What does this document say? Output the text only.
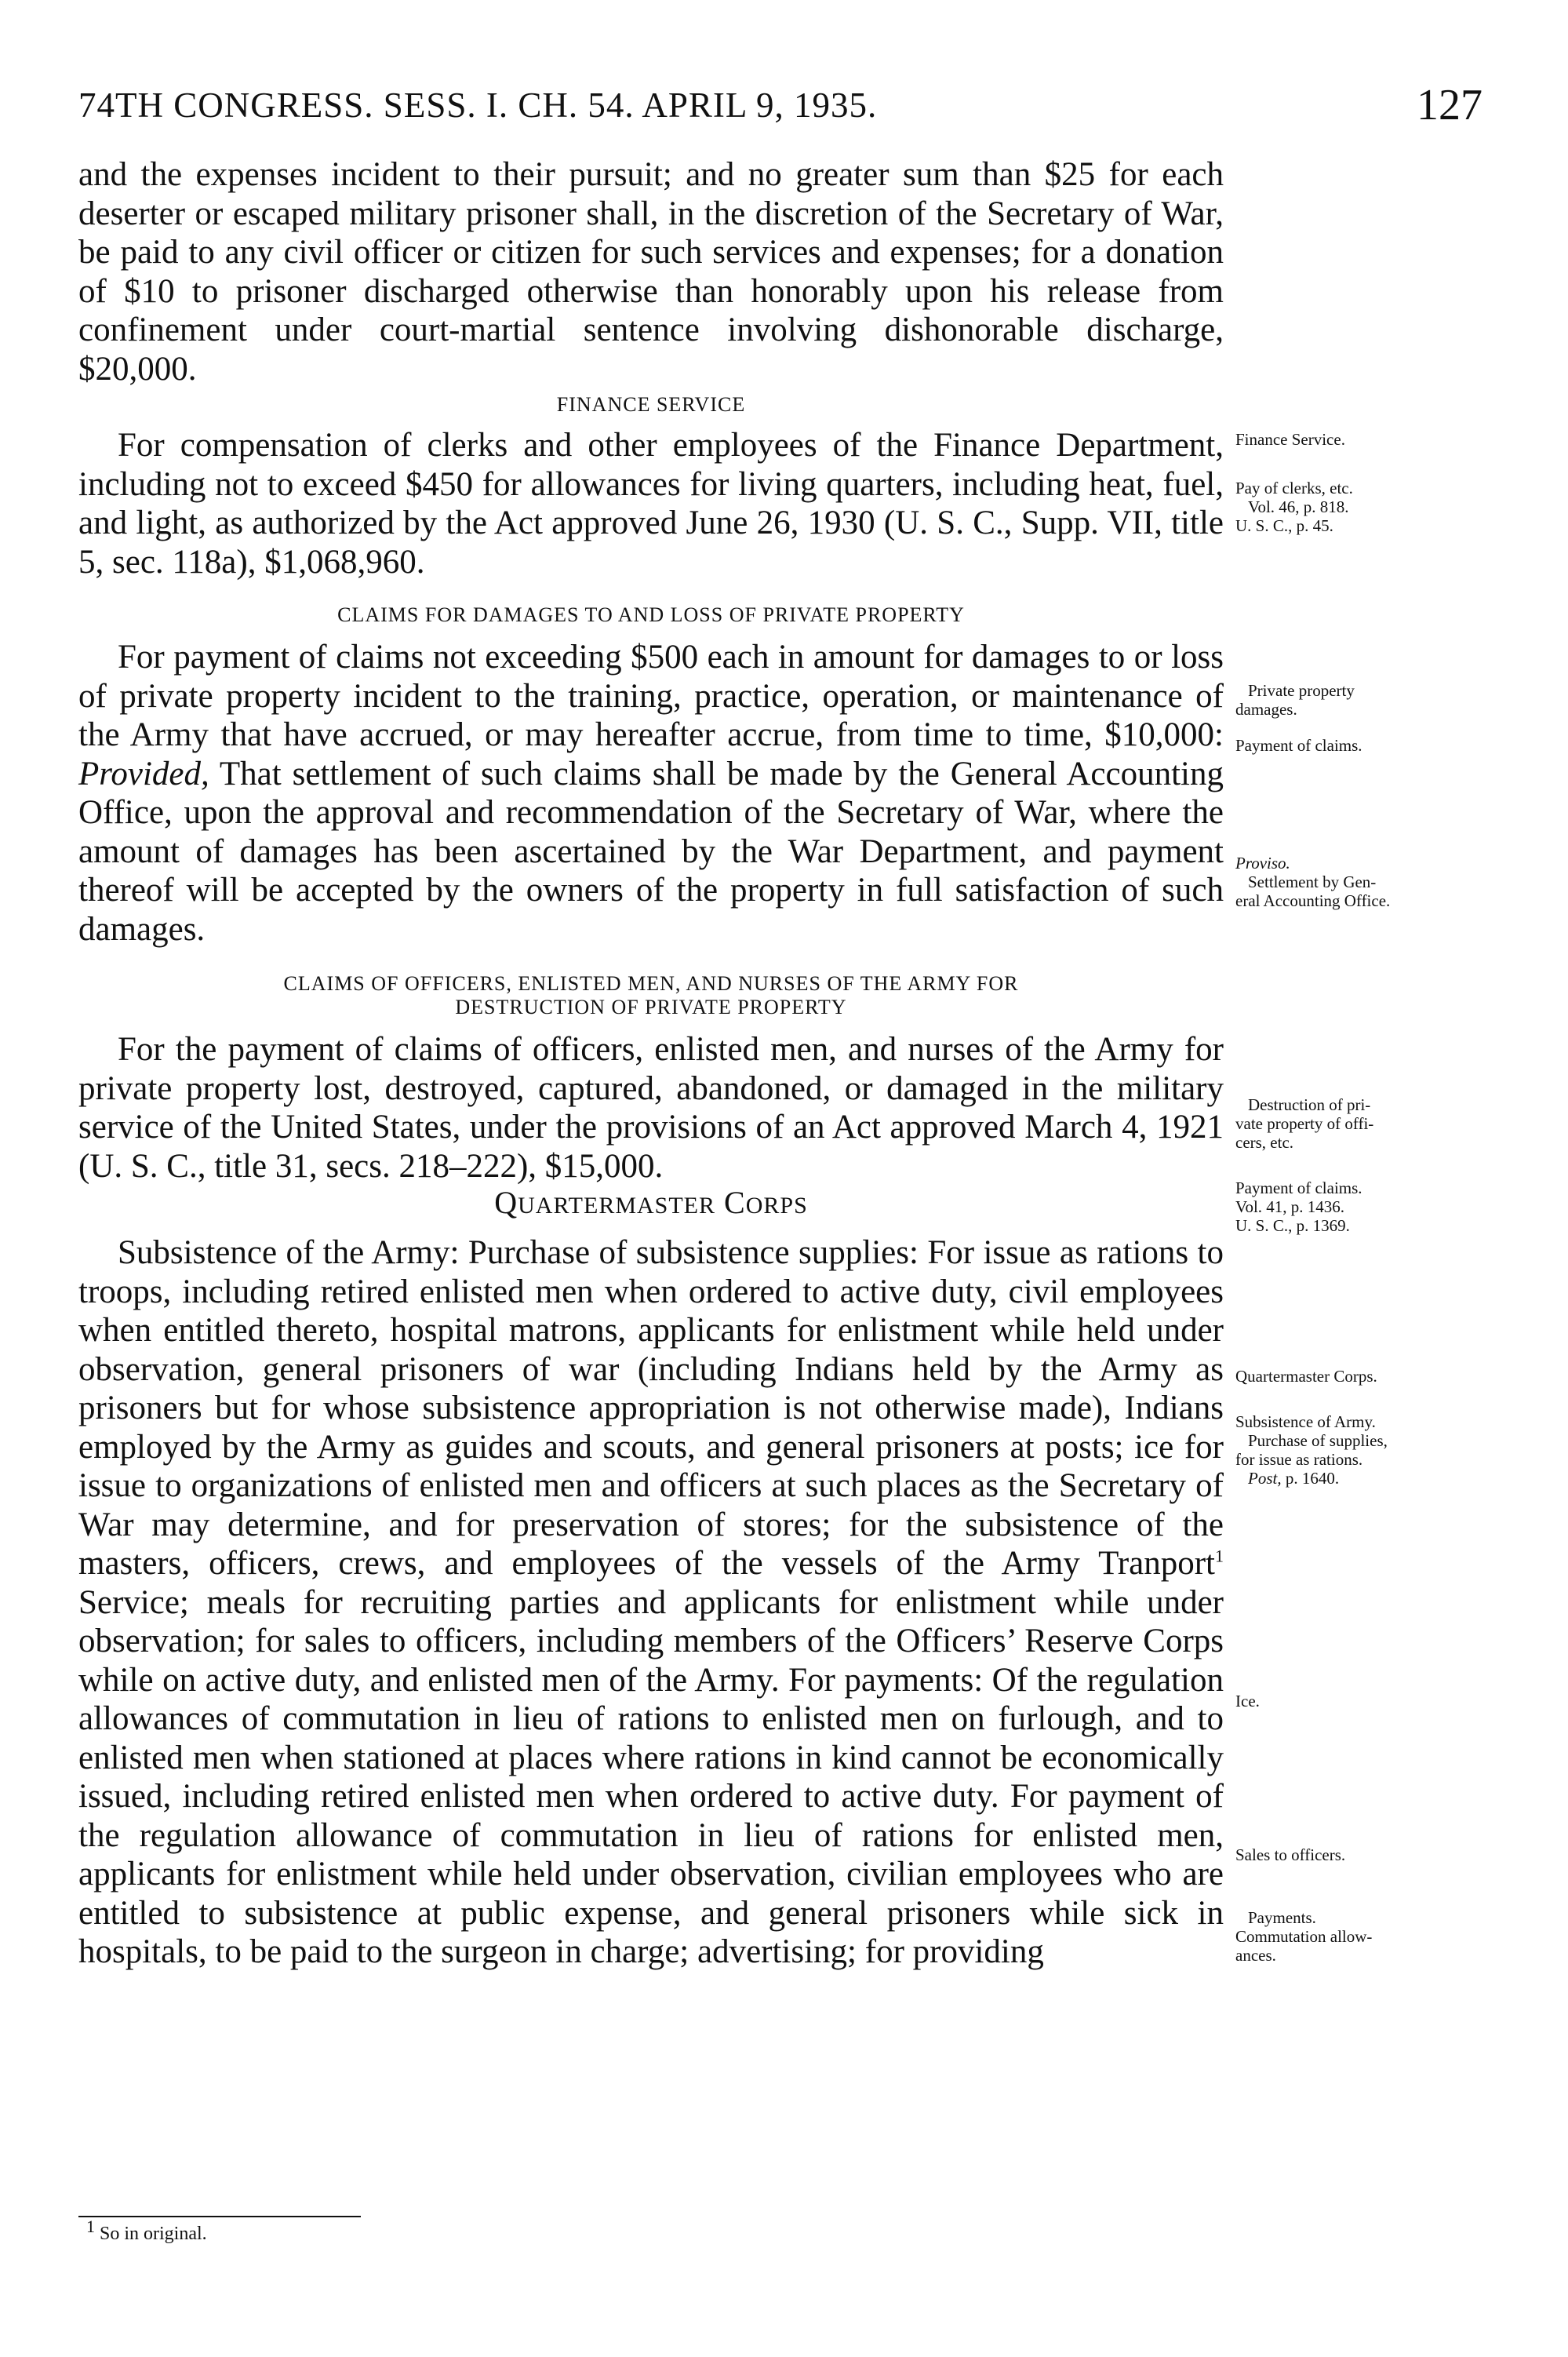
74TH CONGRESS. SESS. I. CH. 54. APRIL 9, 1935.	127

and the expenses incident to their pursuit; and no greater sum than $25 for each deserter or escaped military prisoner shall, in the discretion of the Secretary of War, be paid to any civil officer or citizen for such services and expenses; for a donation of $10 to prisoner discharged otherwise than honorably upon his release from confinement under court-martial sentence involving dishonorable discharge, $20,000.

FINANCE SERVICE

For compensation of clerks and other employees of the Finance Department, including not to exceed $450 for allowances for living quarters, including heat, fuel, and light, as authorized by the Act approved June 26, 1930 (U. S. C., Supp. VII, title 5, sec. 118a), $1,068,960.

CLAIMS FOR DAMAGES TO AND LOSS OF PRIVATE PROPERTY

For payment of claims not exceeding $500 each in amount for damages to or loss of private property incident to the training, practice, operation, or maintenance of the Army that have accrued, or may hereafter accrue, from time to time, $10,000: Provided, That settlement of such claims shall be made by the General Accounting Office, upon the approval and recommendation of the Secretary of War, where the amount of damages has been ascertained by the War Department, and payment thereof will be accepted by the owners of the property in full satisfaction of such damages.

CLAIMS OF OFFICERS, ENLISTED MEN, AND NURSES OF THE ARMY FOR

DESTRUCTION OF PRIVATE PROPERTY

For the payment of claims of officers, enlisted men, and nurses of the Army for private property lost, destroyed, captured, abandoned, or damaged in the military service of the United States, under the provisions of an Act approved March 4, 1921 (U. S. C., title 31, secs. 218–222), $15,000.

QUARTERMASTER CORPS

Subsistence of the Army: Purchase of subsistence supplies: For issue as rations to troops, including retired enlisted men when ordered to active duty, civil employees when entitled thereto, hospital matrons, applicants for enlistment while held under observation, general prisoners of war (including Indians held by the Army as prisoners but for whose subsistence appropriation is not otherwise made), Indians employed by the Army as guides and scouts, and general prisoners at posts; ice for issue to organizations of enlisted men and officers at such places as the Secretary of War may determine, and for preservation of stores; for the subsistence of the masters, officers, crews, and employees of the vessels of the Army Tranport$^1$ Service; meals for recruiting parties and applicants for enlistment while under observation; for sales to officers, including members of the Officers’ Reserve Corps while on active duty, and enlisted men of the Army. For payments: Of the regulation allowances of commutation in lieu of rations to enlisted men on furlough, and to enlisted men when stationed at places where rations in kind cannot be economically issued, including retired enlisted men when ordered to active duty. For payment of the regulation allowance of commutation in lieu of rations for enlisted men, applicants for enlistment while held under observation, civilian employees who are entitled to subsistence at public expense, and general prisoners while sick in hospitals, to be paid to the surgeon in charge; advertising; for providing

Finance Service.
Pay of clerks, etc.
Vol. 46, p. 818.
U. S. C., p. 45.
Private property
damages.
Payment of claims.
Proviso.
Settlement by Gen-
eral Accounting Office.
Destruction of pri-
vate property of offi-
cers, etc.
Payment of claims.
Vol. 41, p. 1436.
U. S. C., p. 1369.
Quartermaster Corps.
Subsistence of Army.
Purchase of supplies,
for issue as rations.
Post, p. 1640.
Ice.
Sales to officers.
Payments.
Commutation allow-
ances.
1 So in original.
